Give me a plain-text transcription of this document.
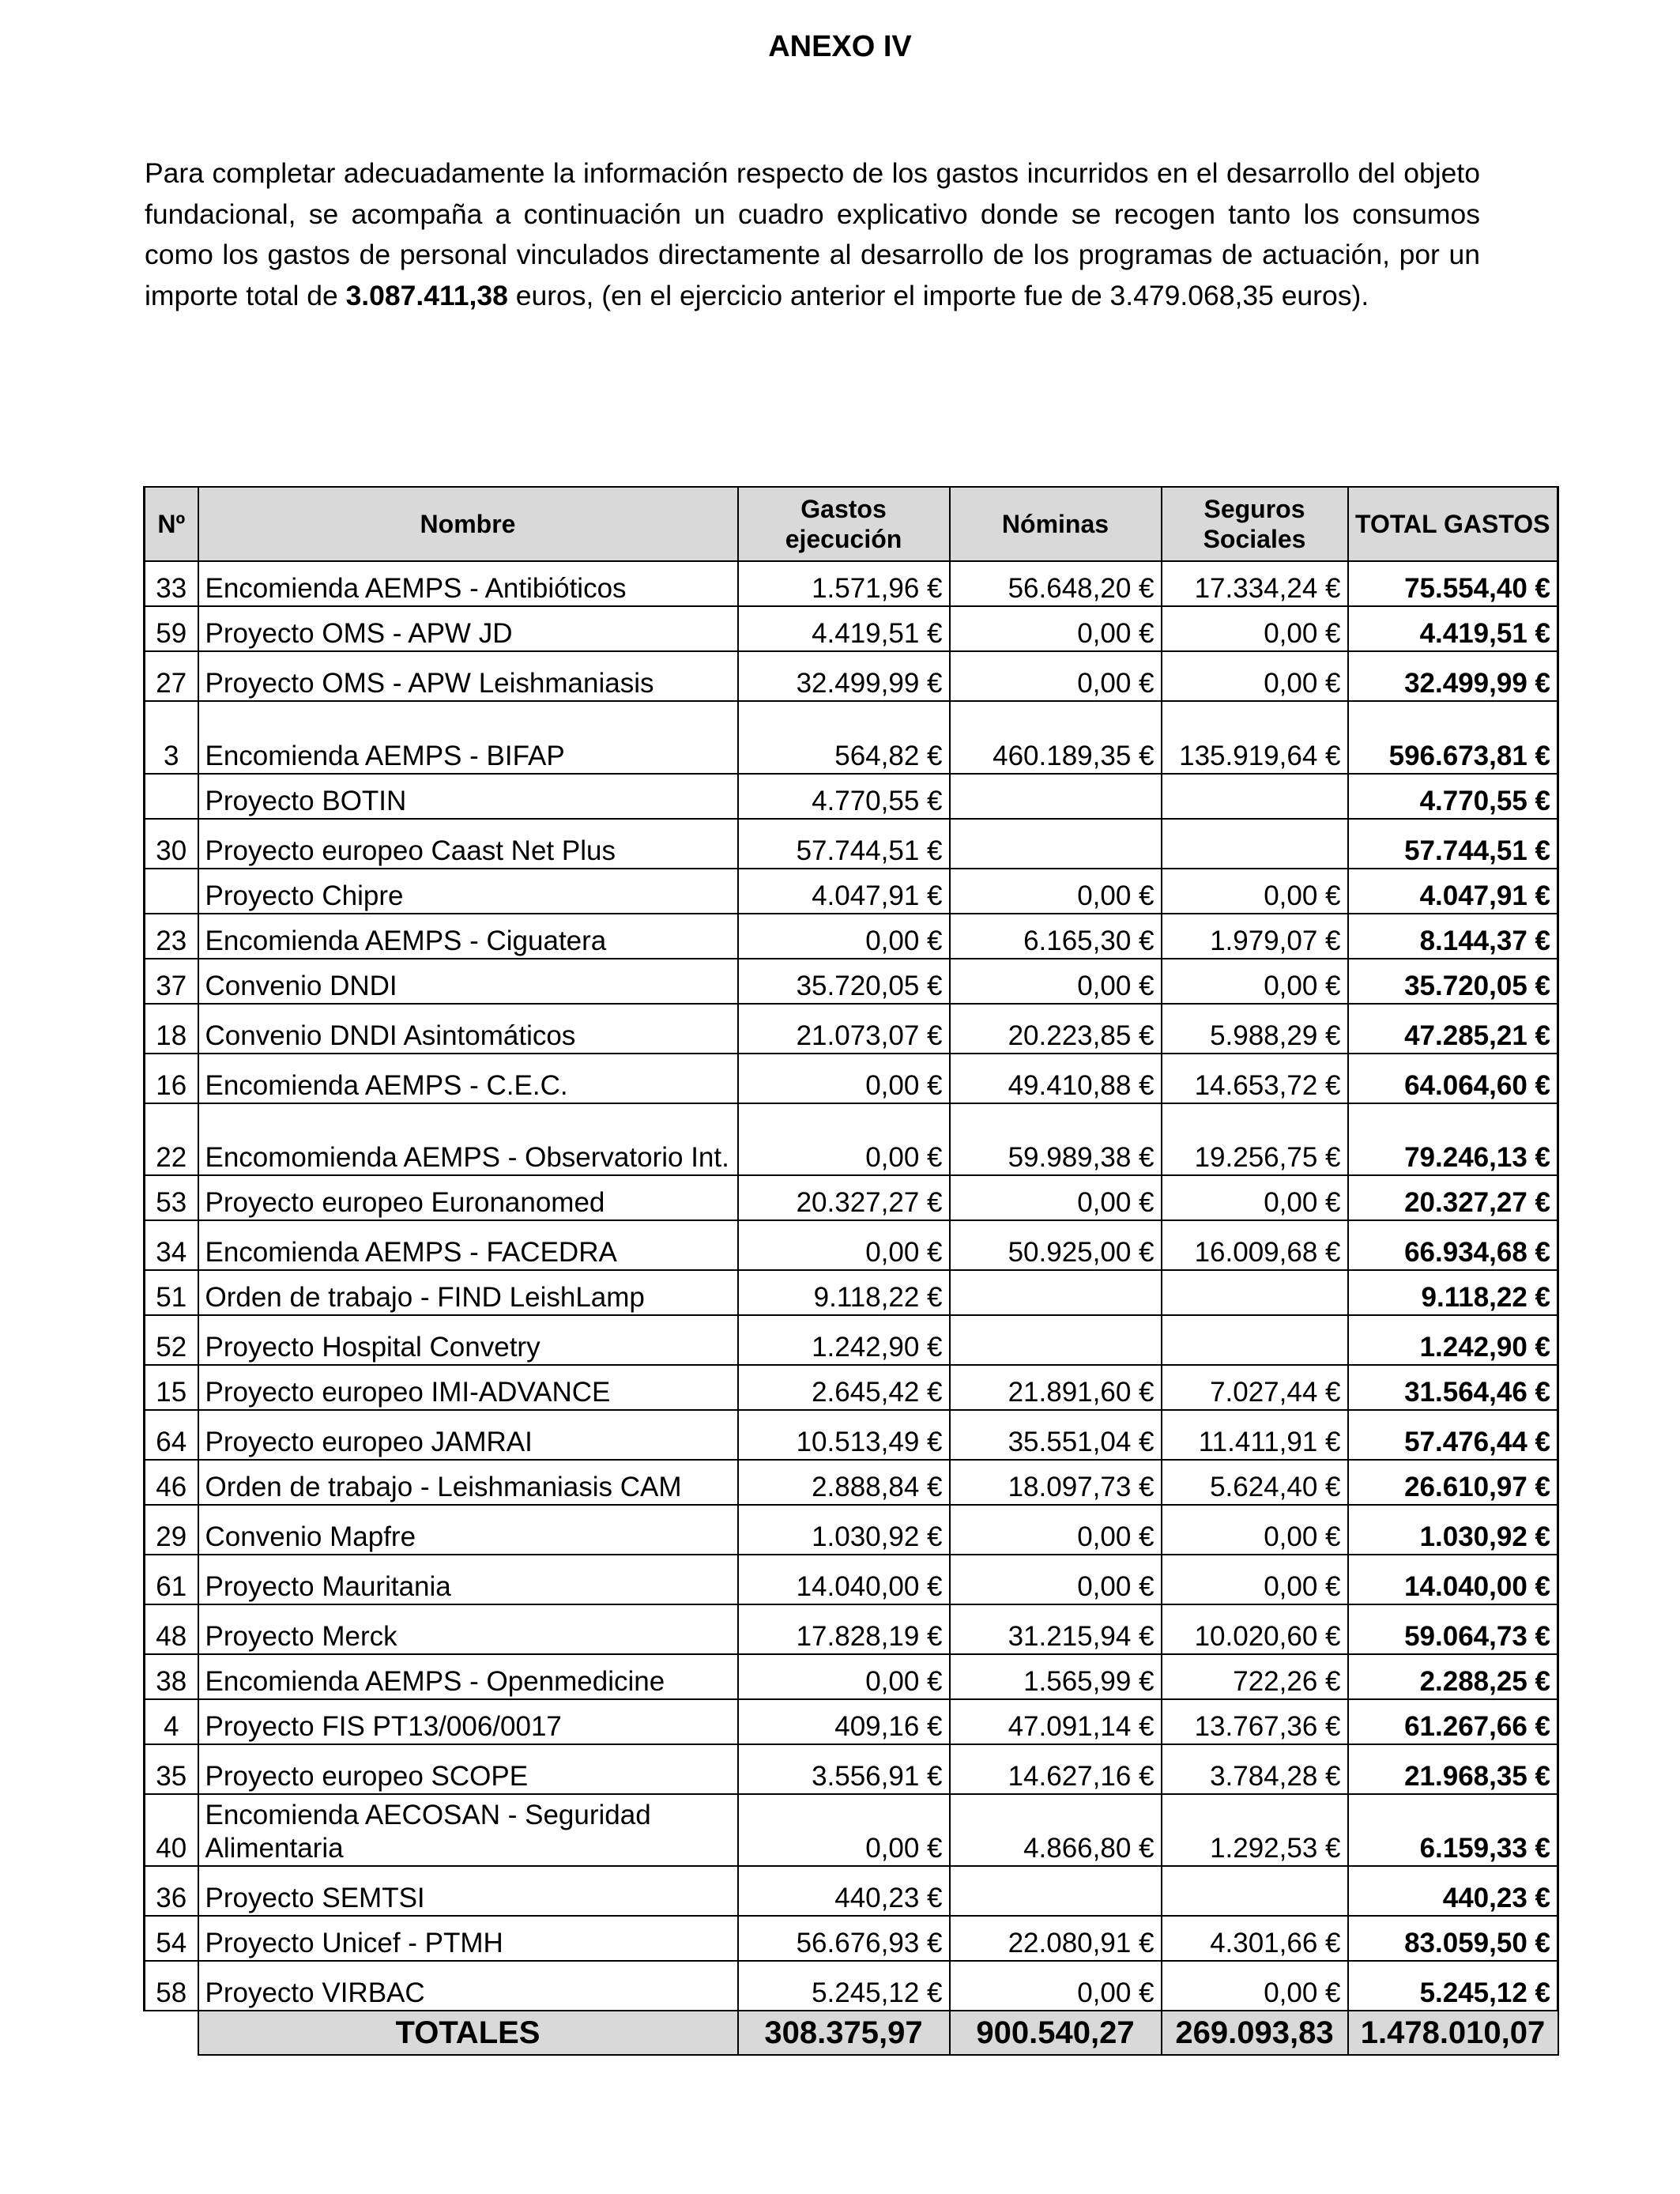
ANEXO IV
Para completar adecuadamente la información respecto de los gastos incurridos en el desarrollo del objeto fundacional, se acompaña a continuación un cuadro explicativo donde se recogen tanto los consumos como los gastos de personal vinculados directamente al desarrollo de los programas de actuación, por un importe total de 3.087.411,38 euros, (en el ejercicio anterior el importe fue de 3.479.068,35 euros).
Nº	Nombre	Gastos ejecución	Nóminas	Seguros Sociales	TOTAL GASTOS
33	Encomienda AEMPS - Antibióticos	1.571,96 €	56.648,20 €	17.334,24 €	75.554,40 €
59	Proyecto OMS - APW JD	4.419,51 €	0,00 €	0,00 €	4.419,51 €
27	Proyecto OMS - APW Leishmaniasis	32.499,99 €	0,00 €	0,00 €	32.499,99 €
3	Encomienda AEMPS - BIFAP	564,82 €	460.189,35 €	135.919,64 €	596.673,81 €
	Proyecto BOTIN	4.770,55 €			4.770,55 €
30	Proyecto europeo Caast Net Plus	57.744,51 €			57.744,51 €
	Proyecto Chipre	4.047,91 €	0,00 €	0,00 €	4.047,91 €
23	Encomienda AEMPS - Ciguatera	0,00 €	6.165,30 €	1.979,07 €	8.144,37 €
37	Convenio DNDI	35.720,05 €	0,00 €	0,00 €	35.720,05 €
18	Convenio DNDI Asintomáticos	21.073,07 €	20.223,85 €	5.988,29 €	47.285,21 €
16	Encomienda AEMPS - C.E.C.	0,00 €	49.410,88 €	14.653,72 €	64.064,60 €
22	Encomomienda AEMPS - Observatorio Int.	0,00 €	59.989,38 €	19.256,75 €	79.246,13 €
53	Proyecto europeo Euronanomed	20.327,27 €	0,00 €	0,00 €	20.327,27 €
34	Encomienda AEMPS - FACEDRA	0,00 €	50.925,00 €	16.009,68 €	66.934,68 €
51	Orden de trabajo - FIND LeishLamp	9.118,22 €			9.118,22 €
52	Proyecto Hospital Convetry	1.242,90 €			1.242,90 €
15	Proyecto europeo IMI-ADVANCE	2.645,42 €	21.891,60 €	7.027,44 €	31.564,46 €
64	Proyecto europeo JAMRAI	10.513,49 €	35.551,04 €	11.411,91 €	57.476,44 €
46	Orden de trabajo - Leishmaniasis CAM	2.888,84 €	18.097,73 €	5.624,40 €	26.610,97 €
29	Convenio Mapfre	1.030,92 €	0,00 €	0,00 €	1.030,92 €
61	Proyecto Mauritania	14.040,00 €	0,00 €	0,00 €	14.040,00 €
48	Proyecto Merck	17.828,19 €	31.215,94 €	10.020,60 €	59.064,73 €
38	Encomienda AEMPS - Openmedicine	0,00 €	1.565,99 €	722,26 €	2.288,25 €
4	Proyecto FIS PT13/006/0017	409,16 €	47.091,14 €	13.767,36 €	61.267,66 €
35	Proyecto europeo SCOPE	3.556,91 €	14.627,16 €	3.784,28 €	21.968,35 €
40	Encomienda AECOSAN - Seguridad Alimentaria	0,00 €	4.866,80 €	1.292,53 €	6.159,33 €
36	Proyecto SEMTSI	440,23 €			440,23 €
54	Proyecto Unicef - PTMH	56.676,93 €	22.080,91 €	4.301,66 €	83.059,50 €
58	Proyecto VIRBAC	5.245,12 €	0,00 €	0,00 €	5.245,12 €
	TOTALES	308.375,97	900.540,27	269.093,83	1.478.010,07
